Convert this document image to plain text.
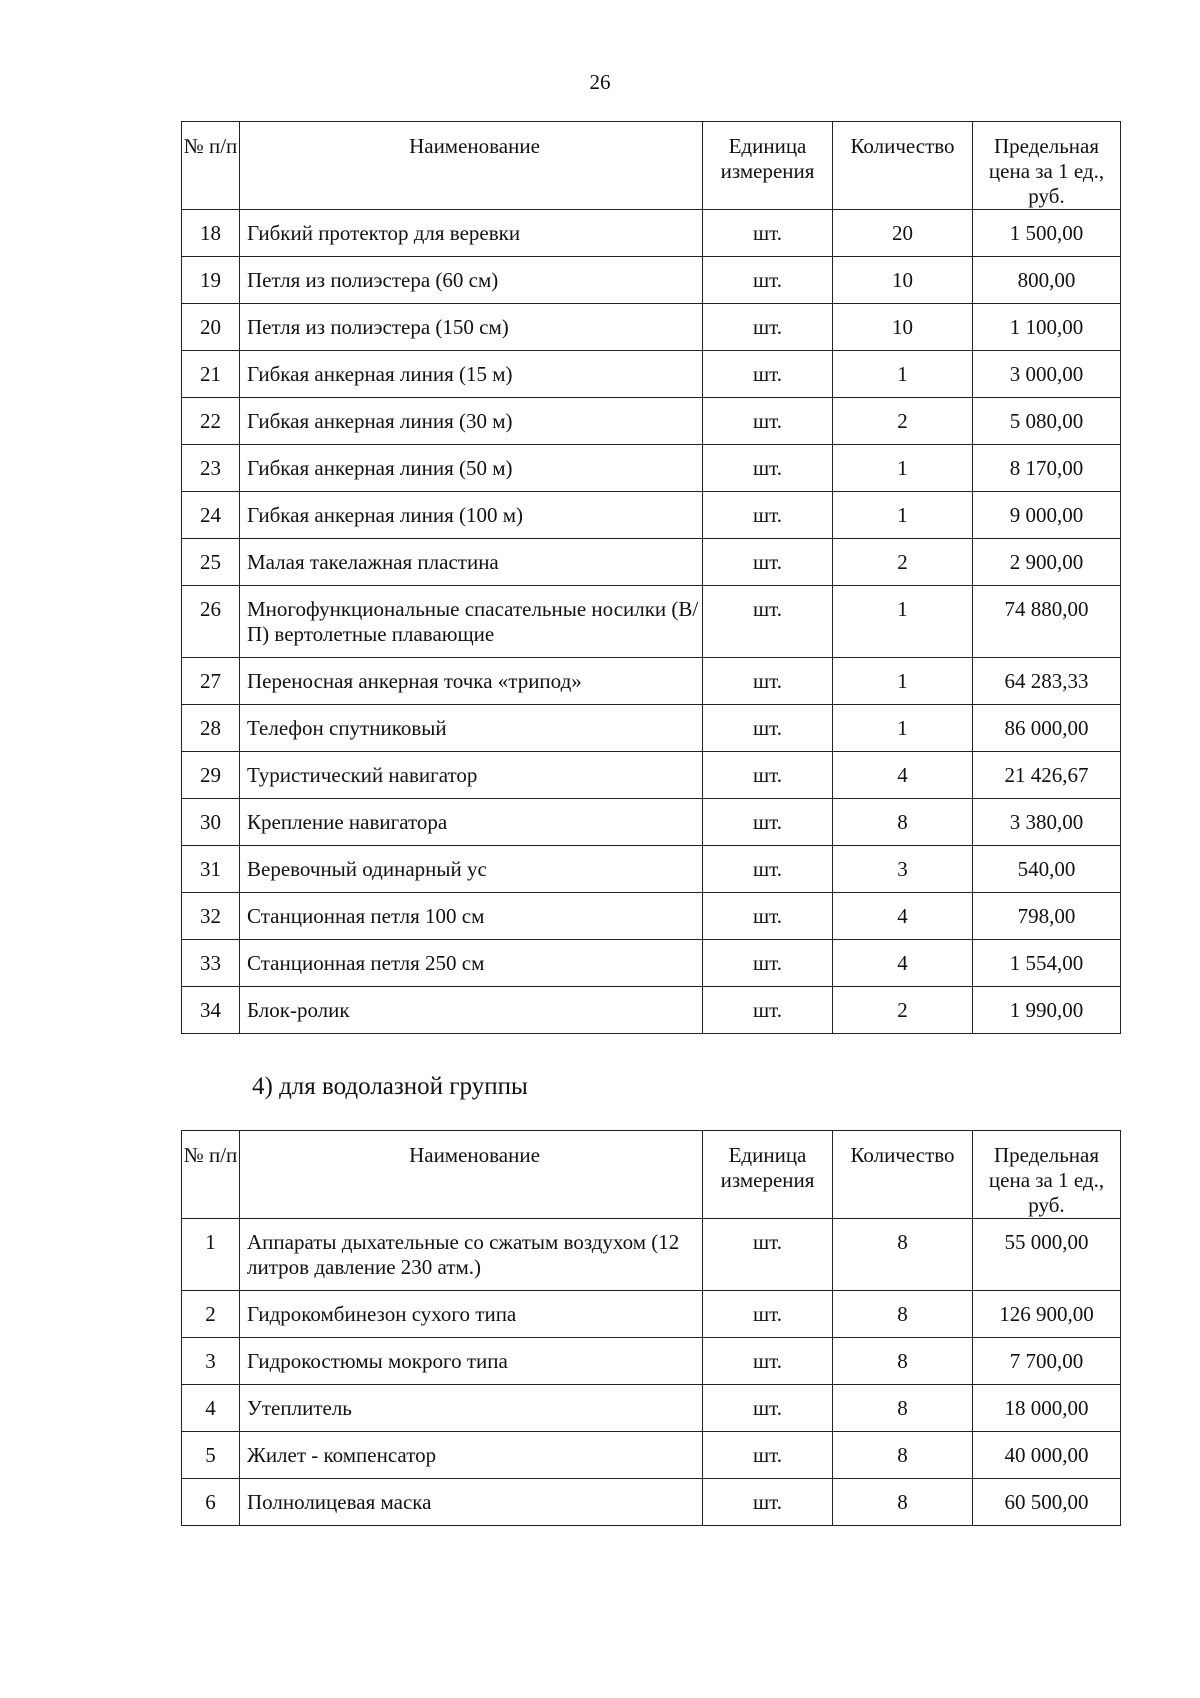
26
№ п/п	Наименование	Единица измерения	Количество	Предельная цена за 1 ед., руб.
18	Гибкий протектор для веревки	шт.	20	1 500,00
19	Петля из полиэстера (60 см)	шт.	10	800,00
20	Петля из полиэстера (150 см)	шт.	10	1 100,00
21	Гибкая анкерная линия (15 м)	шт.	1	3 000,00
22	Гибкая анкерная линия (30 м)	шт.	2	5 080,00
23	Гибкая анкерная линия (50 м)	шт.	1	8 170,00
24	Гибкая анкерная линия (100 м)	шт.	1	9 000,00
25	Малая такелажная пластина	шт.	2	2 900,00
26	Многофункциональные спасательные носилки (В/П) вертолетные плавающие	шт.	1	74 880,00
27	Переносная анкерная точка «трипод»	шт.	1	64 283,33
28	Телефон спутниковый	шт.	1	86 000,00
29	Туристический навигатор	шт.	4	21 426,67
30	Крепление навигатора	шт.	8	3 380,00
31	Веревочный одинарный ус	шт.	3	540,00
32	Станционная петля 100 см	шт.	4	798,00
33	Станционная петля 250 см	шт.	4	1 554,00
34	Блок-ролик	шт.	2	1 990,00
4) для водолазной группы
№ п/п	Наименование	Единица измерения	Количество	Предельная цена за 1 ед., руб.
1	Аппараты дыхательные со сжатым воздухом (12 литров давление 230 атм.)	шт.	8	55 000,00
2	Гидрокомбинезон сухого типа	шт.	8	126 900,00
3	Гидрокостюмы мокрого типа	шт.	8	7 700,00
4	Утеплитель	шт.	8	18 000,00
5	Жилет - компенсатор	шт.	8	40 000,00
6	Полнолицевая маска	шт.	8	60 500,00
